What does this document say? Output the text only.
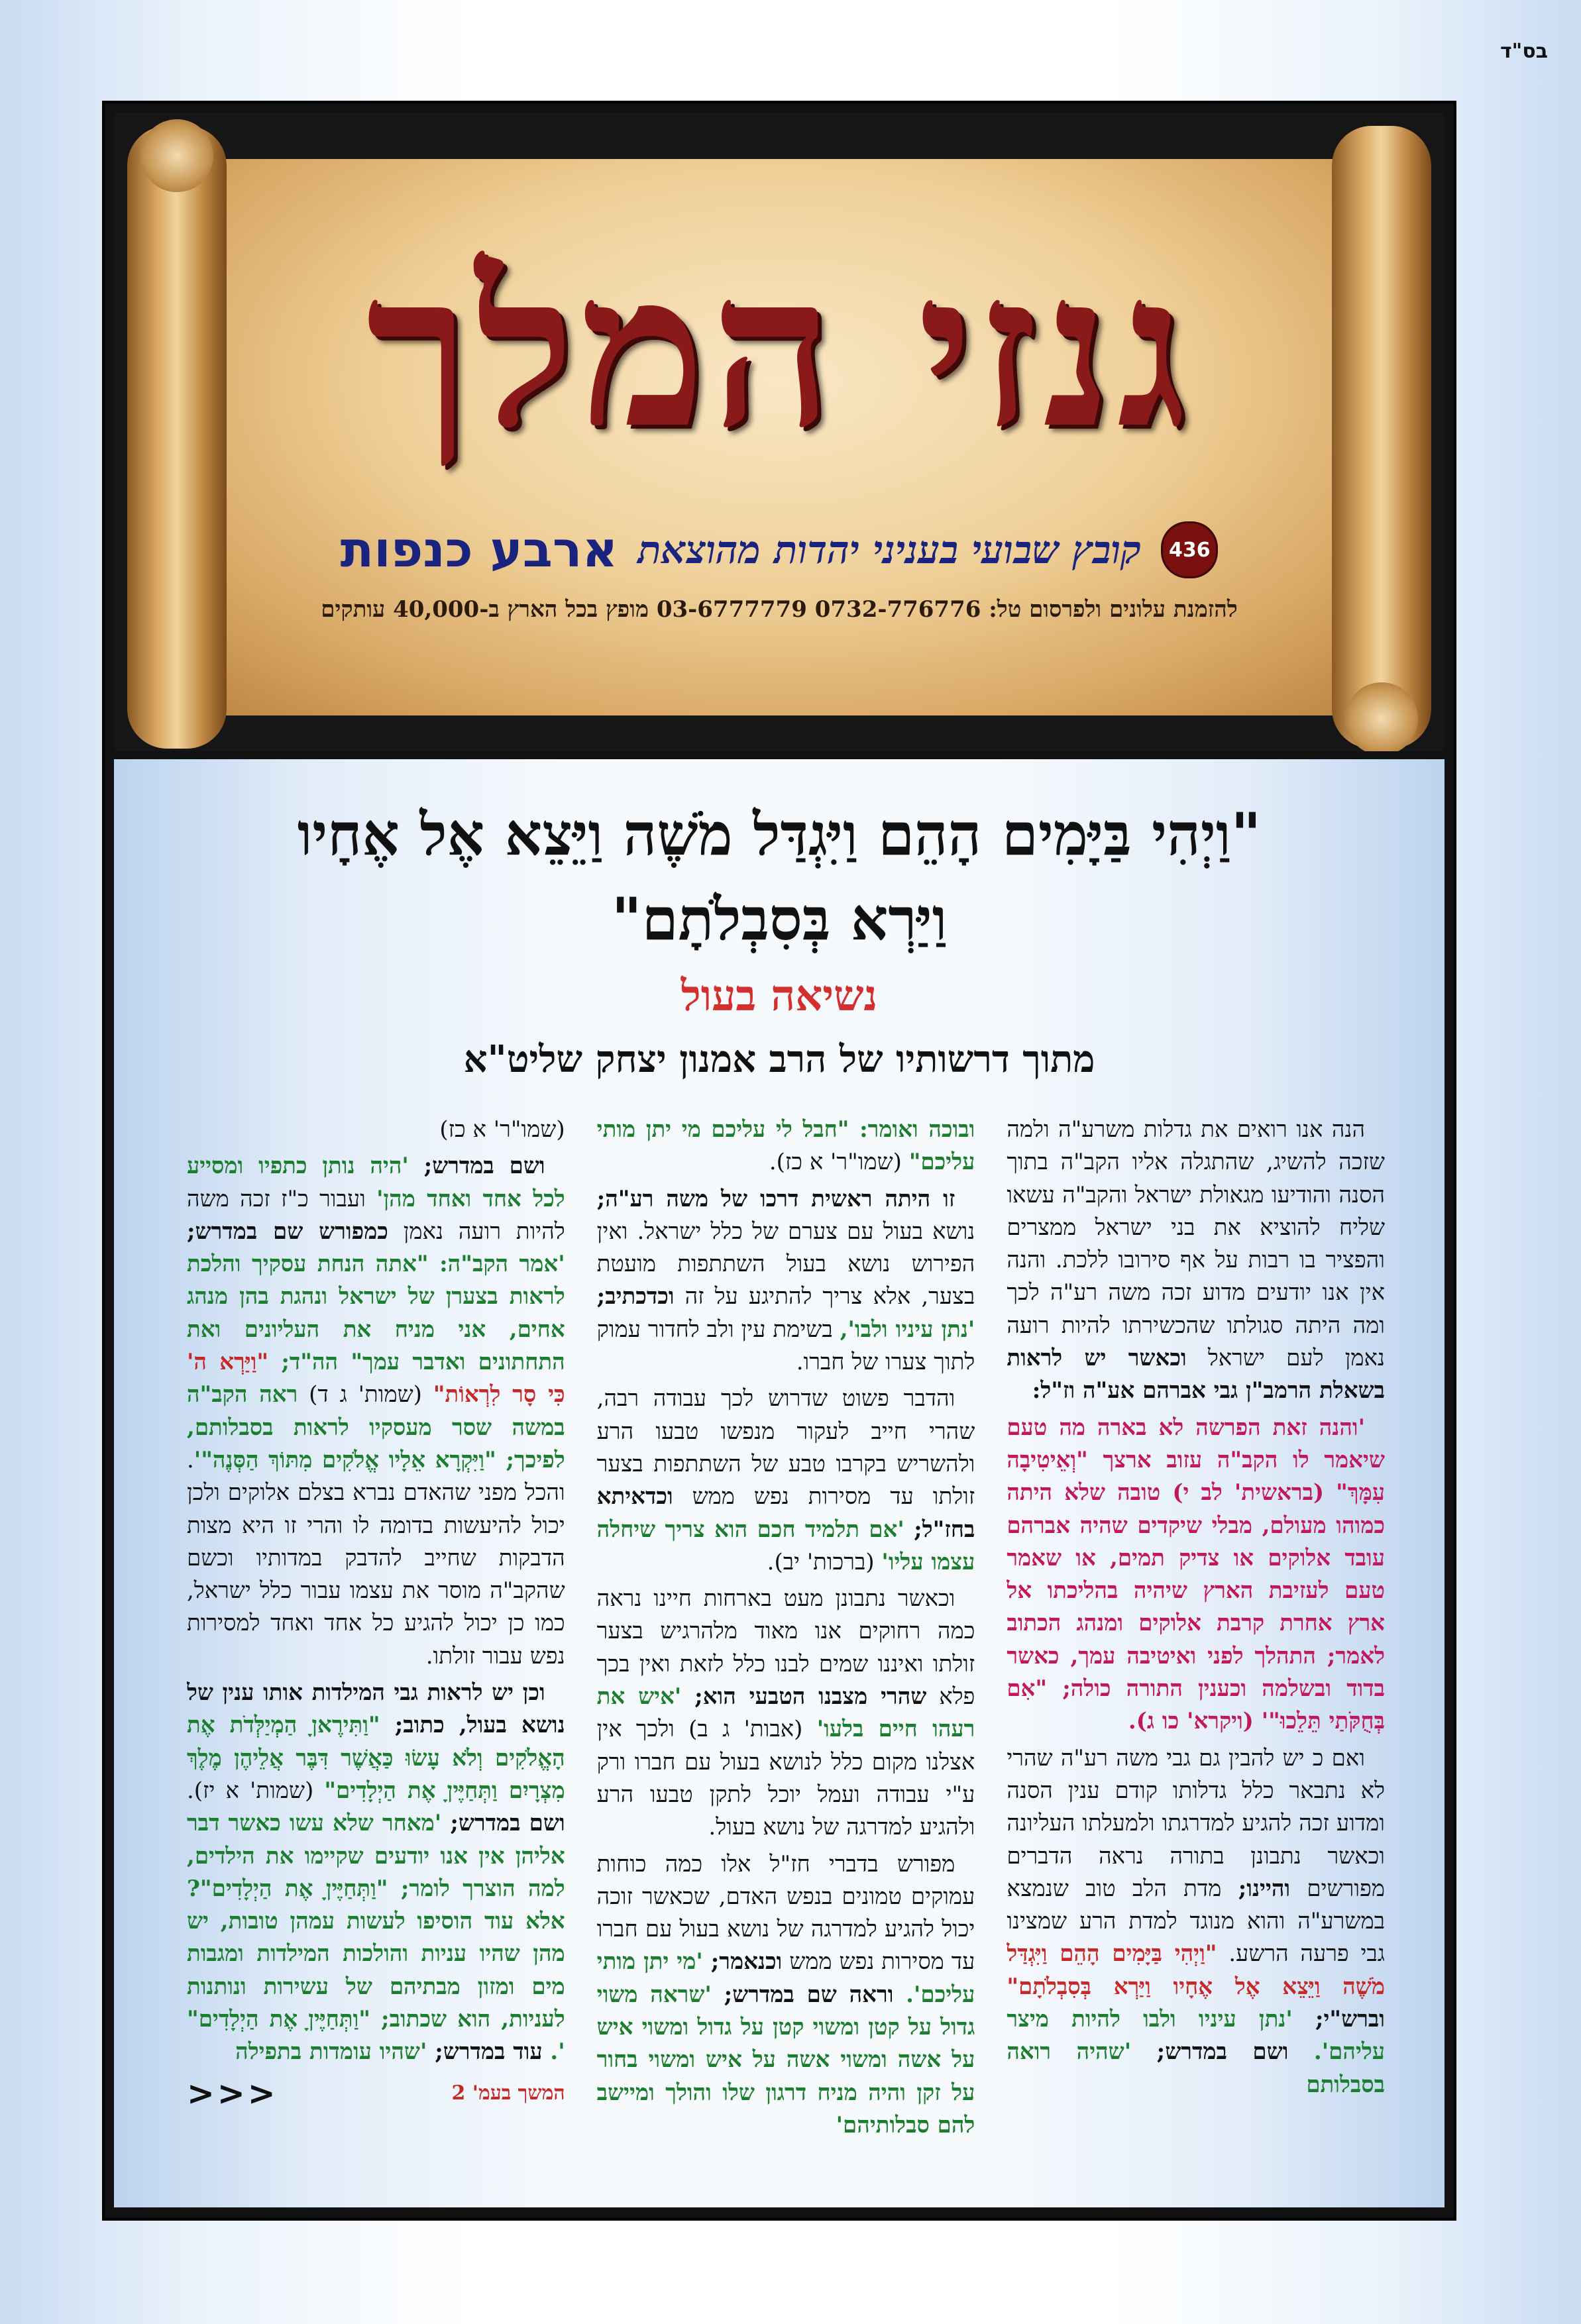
בס"ד
גנזי המלך
436
קובץ שבועי בעניני יהדות מהוצאת
ארבע כנפות
להזמנת עלונים ולפרסום טל: 0732-776776 03-6777779 מופץ בכל הארץ ב-40,000 עותקים
"וַיְהִי בַּיָּמִים הָהֵם וַיִּגְדַּל מֹשֶׁה וַיֵּצֵא אֶל אֶחָיו
וַיַּרְא בְּסִבְלֹתָם"
נשיאה בעול
מתוך דרשותיו של הרב אמנון יצחק שליט"א

הנה אנו רואים את גדלות משרע"ה ולמה שזכה להשיג, שהתגלה אליו הקב"ה בתוך הסנה והודיעו מגאולת ישראל והקב"ה עשאו שליח להוציא את בני ישראל ממצרים והפציר בו רבות על אף סירובו ללכת. והנה אין אנו יודעים מדוע זכה משה רע"ה לכך ומה היתה סגולתו שהכשירתו להיות רועה נאמן לעם ישראל וכאשר יש לראות בשאלת הרמב"ן גבי אברהם אע"ה וז"ל:

'והנה זאת הפרשה לא בארה מה טעם שיאמר לו הקב"ה עזוב ארצך "וְאֵיטִיבָה עִמָּךְ" (בראשית' לב י) טובה שלא היתה כמוהו מעולם, מבלי שיקדים שהיה אברהם עובד אלוקים או צדיק תמים, או שאמר טעם לעזיבת הארץ שיהיה בהליכתו אל ארץ אחרת קרבת אלוקים ומנהג הכתוב לאמר; התהלך לפני ואיטיבה עמך, כאשר בדוד ובשלמה וכענין התורה כולה; "אִם בְּחֻקֹּתַי תֵּלֵכוּ"' (ויקרא' כו ג).

ואם כ יש להבין גם גבי משה רע"ה שהרי לא נתבאר כלל גדלותו קודם ענין הסנה ומדוע זכה להגיע למדרגתו ולמעלתו העליונה וכאשר נתבונן בתורה נראה הדברים מפורשים והיינו; מדת הלב טוב שנמצא במשרע"ה והוא מנוגד למדת הרע שמצינו גבי פרעה הרשע. "וַיְהִי בַּיָּמִים הָהֵם וַיִּגְדַּל מֹשֶׁה וַיֵּצֵא אֶל אֶחָיו וַיַּרְא בְּסִבְלֹתָם" וברש"י; 'נתן עיניו ולבו להיות מיצר עליהם'. ושם במדרש; 'שהיה רואה בסבלותם

ובוכה ואומר: "חבל לי עליכם מי יתן מותי עליכם" (שמו"ר' א כז).

זו היתה ראשית דרכו של משה רע"ה; נושא בעול עם צערם של כלל ישראל. ואין הפירוש נושא בעול השתתפות מועטת בצער, אלא צריך להתיגע על זה וכדכתיב; 'נתן עיניו ולבו', בשימת עין ולב לחדור עמוק לתוך צערו של חברו.

והדבר פשוט שדרוש לכך עבודה רבה, שהרי חייב לעקור מנפשו טבעו הרע ולהשריש בקרבו טבע של השתתפות בצער זולתו עד מסירות נפש ממש וכדאיתא בחז"ל; 'אם תלמיד חכם הוא צריך שיחלה עצמו עליו' (ברכות' יב).

וכאשר נתבונן מעט בארחות חיינו נראה כמה רחוקים אנו מאוד מלהרגיש בצער זולתו ואיננו שמים לבנו כלל לזאת ואין בכך פלא שהרי מצבנו הטבעי הוא; 'איש את רעהו חיים בלעו' (אבות' ג ב) ולכך אין אצלנו מקום כלל לנושא בעול עם חברו ורק ע"י עבודה ועמל יוכל לתקן טבעו הרע ולהגיע למדרגה של נושא בעול.

מפורש בדברי חז"ל אלו כמה כוחות עמוקים טמונים בנפש האדם, שכאשר זוכה יכול להגיע למדרגה של נושא בעול עם חברו עד מסירות נפש ממש וכנאמר; 'מי יתן מותי עליכם'. וראה שם במדרש; 'שראה משוי גדול על קטן ומשוי קטן על גדול ומשוי איש על אשה ומשוי אשה על איש ומשוי בחור על זקן והיה מניח דרגון שלו והולך ומיישב להם סבלותיהם'

(שמו"ר' א כז)

ושם במדרש; 'היה נותן כתפיו ומסייע לכל אחד ואחד מהן' ועבור כ"ז זכה משה להיות רועה נאמן כמפורש שם במדרש; 'אמר הקב"ה: "אתה הנחת עסקיך והלכת לראות בצערן של ישראל ונהגת בהן מנהג אחים, אני מניח את העליונים ואת התחתונים ואדבר עמך" הה"ד; "וַיַּרְא ה' כִּי סָר לִרְאוֹת" (שמות' ג ד) ראה הקב"ה במשה שסר מעסקיו לראות בסבלותם, לפיכך; "וַיִּקְרָא אֵלָיו אֱלֹקִים מִתּוֹךְ הַסְּנֶה"'. והכל מפני שהאדם נברא בצלם אלוקים ולכן יכול להיעשות בדומה לו והרי זו היא מצות הדבקות שחייב להדבק במדותיו וכשם שהקב"ה מוסר את עצמו עבור כלל ישראל, כמו כן יכול להגיע כל אחד ואחד למסירות נפש עבור זולתו.

וכן יש לראות גבי המילדות אותו ענין של נושא בעול, כתוב; "וַתִּירֶאןָ הַמְיַלְּדֹת אֶת הָאֱלֹקִים וְלֹא עָשׂוּ כַּאֲשֶׁר דִּבֶּר אֲלֵיהֶן מֶלֶךְ מִצְרָיִם וַתְּחַיֶּיןָ אֶת הַיְלָדִים" (שמות' א יז). ושם במדרש; 'מאחר שלא עשו כאשר דבר אליהן אין אנו יודעים שקיימו את הילדים, למה הוצרך לומר; "וַתְּחַיֶּיןָ אֶת הַיְלָדִים"? אלא עוד הוסיפו לעשות עמהן טובות, יש מהן שהיו עניות והולכות המילדות ומגבות מים ומזון מבתיהם של עשירות ונותנות לעניות, הוא שכתוב; "וַתְּחַיֶּיןָ אֶת הַיְלָדִים" '. עוד במדרש; 'שהיו עומדות בתפילה

המשך בעמ' 2
<<<
